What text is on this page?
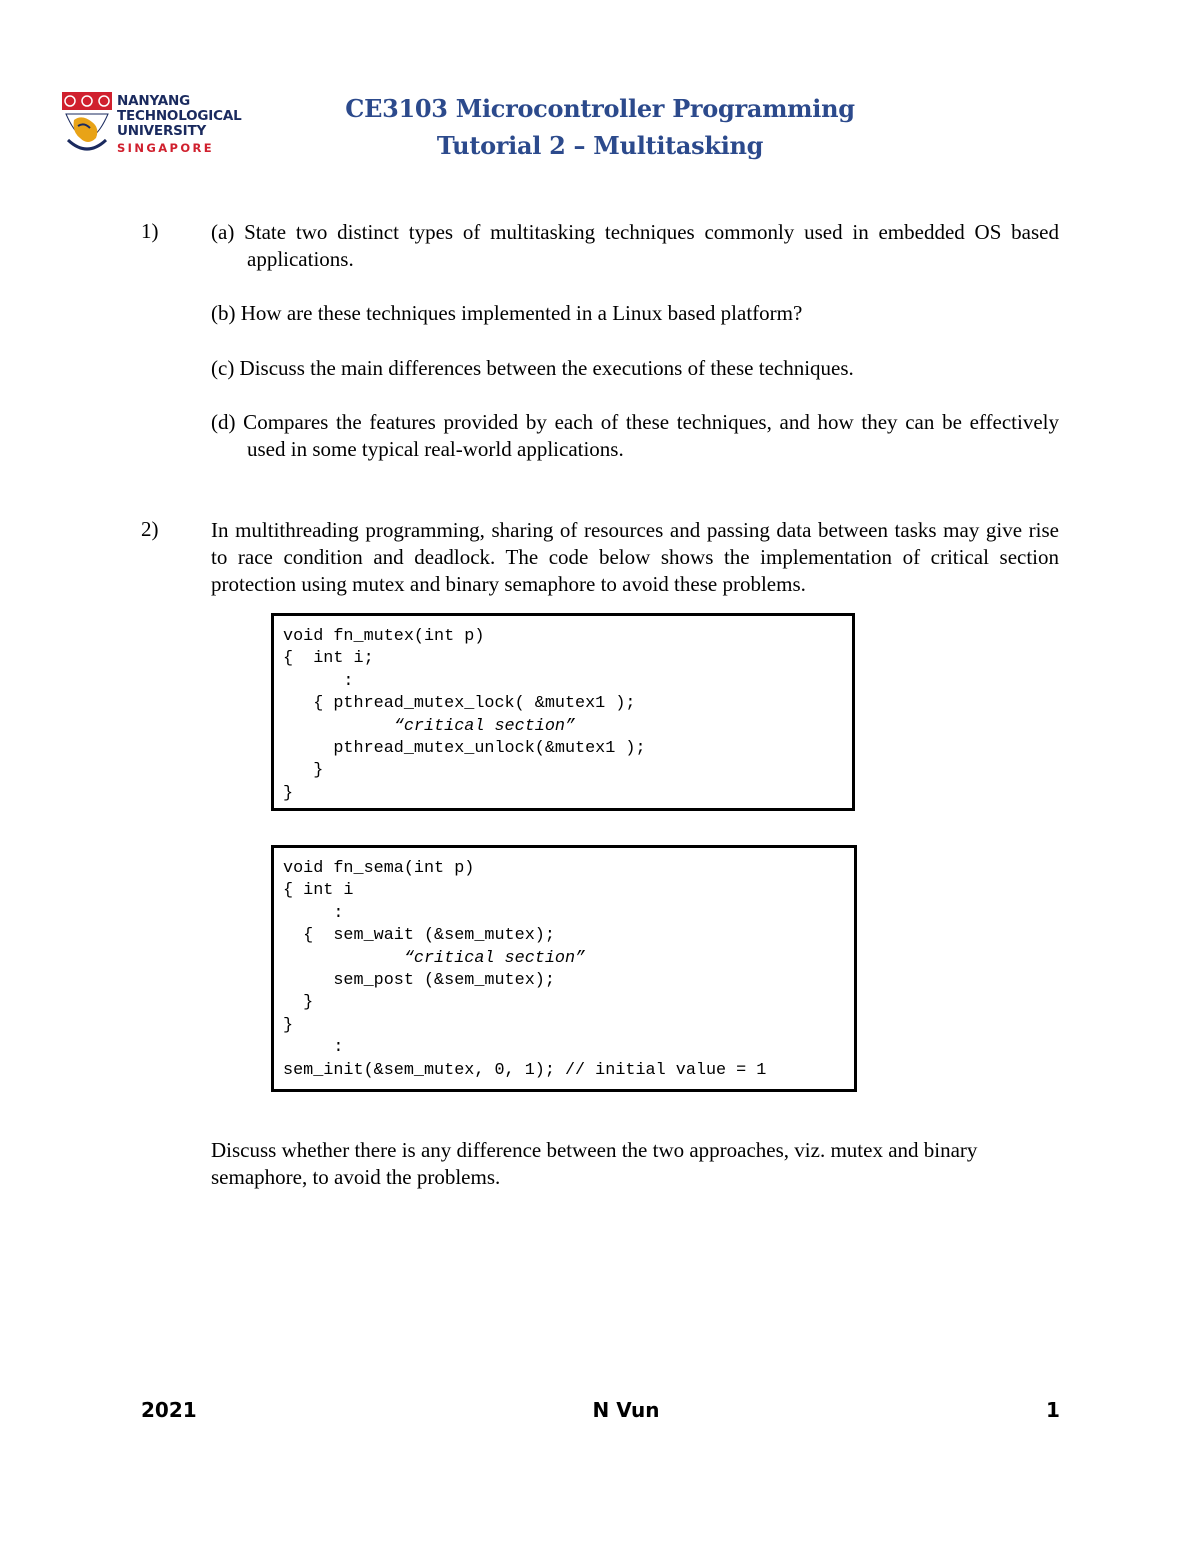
NANYANG
TECHNOLOGICAL
UNIVERSITY
SINGAPORE
CE3103 Microcontroller Programming
Tutorial 2 – Multitasking
1)	(a) State two distinct types of multitasking techniques commonly used in embedded OS based applications.
(b) How are these techniques implemented in a Linux based platform?
(c) Discuss the main differences between the executions of these techniques.
(d) Compares the features provided by each of these techniques, and how they can be effectively used in some typical real-world applications.
2)	In multithreading programming, sharing of resources and passing data between tasks may give rise to race condition and deadlock. The code below shows the implementation of critical section protection using mutex and binary semaphore to avoid these problems.
void fn_mutex(int p)
{  int i;
:
{ pthread_mutex_lock( &mutex1 );
“critical section”
pthread_mutex_unlock(&mutex1 );
}
}
void fn_sema(int p)
{ int i
:
{  sem_wait (&sem_mutex);
“critical section”
sem_post (&sem_mutex);
}
}
:
sem_init(&sem_mutex, 0, 1); // initial value = 1
Discuss whether there is any difference between the two approaches, viz. mutex and binary semaphore, to avoid the problems.
2021	N Vun	1
